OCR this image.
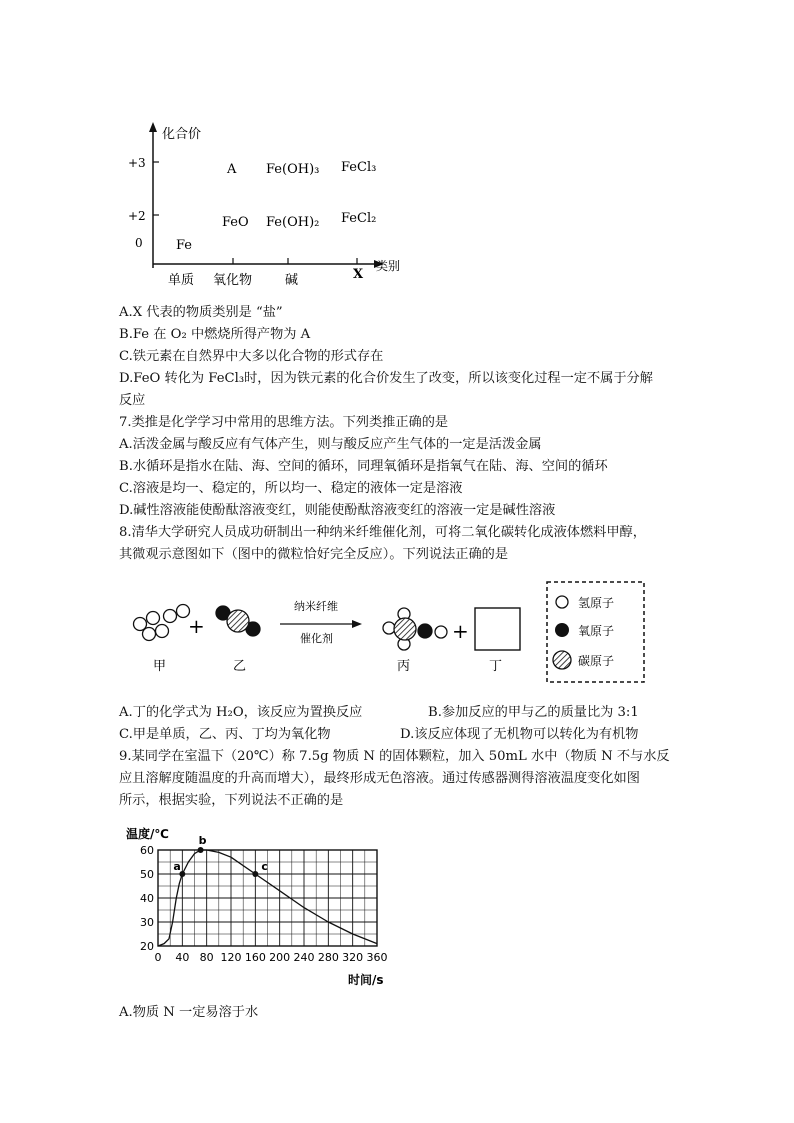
化合价
类别
+3
+2
0
单质 氧化物	碱	X
A Fe(OH)₃ FeCl₃
FeO Fe(OH)₂ FeCl₂
Fe
A.X 代表的物质类别是 “盐”
B.Fe 在 O₂ 中燃烧所得产物为 A
C.铁元素在自然界中大多以化合物的形式存在
D.FeO 转化为 FeCl₃时，因为铁元素的化合价发生了改变，所以该变化过程一定不属于分解
反应
7.类推是化学学习中常用的思维方法。下列类推正确的是
A.活泼金属与酸反应有气体产生，则与酸反应产生气体的一定是活泼金属
B.水循环是指水在陆、海、空间的循环，同理氧循环是指氧气在陆、海、空间的循环
C.溶液是均一、稳定的，所以均一、稳定的液体一定是溶液
D.碱性溶液能使酚酞溶液变红，则能使酚酞溶液变红的溶液一定是碱性溶液
8.清华大学研究人员成功研制出一种纳米纤维催化剂，可将二氧化碳转化成液体燃料甲醇，
其微观示意图如下（图中的微粒恰好完全反应）。下列说法正确的是
+
纳米纤维
催化剂	+
甲	乙	丙	丁
氢原子
氧原子
碳原子
A.丁的化学式为 H₂O，该反应为置换反应	B.参加反应的甲与乙的质量比为 3:1
C.甲是单质，乙、丙、丁均为氧化物	D.该反应体现了无机物可以转化为有机物
9.某同学在室温下（20℃）称 7.5g 物质 N 的固体颗粒，加入 50mL 水中（物质 N 不与水反
应且溶解度随温度的升高而增大），最终形成无色溶液。通过传感器测得溶液温度变化如图
所示，根据实验，下列说法不正确的是
a
b
c
20
30
40
50
60
0 40 80 120 160 200 240 280 320 360
温度/℃
时间/s
A.物质 N 一定易溶于水
